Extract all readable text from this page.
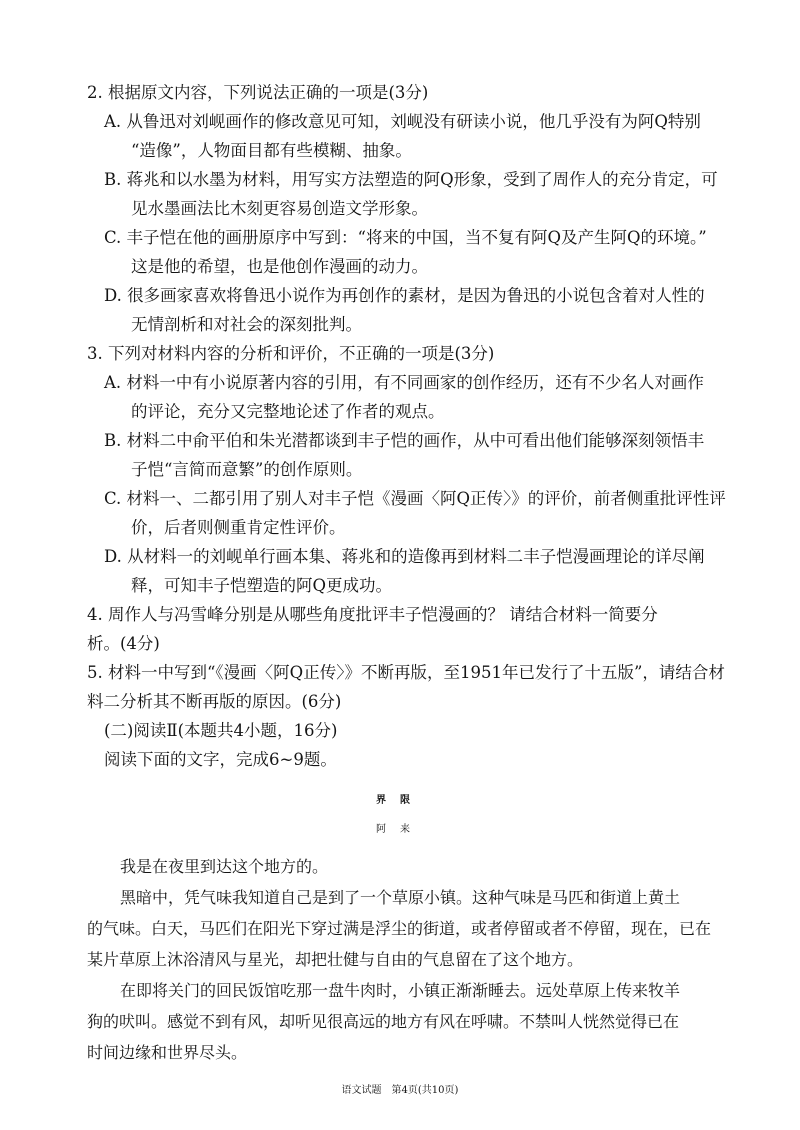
2. 根据原文内容，下列说法正确的一项是(3分)
A. 从鲁迅对刘岘画作的修改意见可知，刘岘没有研读小说，他几乎没有为阿Q特别
“造像”，人物面目都有些模糊、抽象。
B. 蒋兆和以水墨为材料，用写实方法塑造的阿Q形象，受到了周作人的充分肯定，可
见水墨画法比木刻更容易创造文学形象。
C. 丰子恺在他的画册原序中写到：“将来的中国，当不复有阿Q及产生阿Q的环境。”
这是他的希望，也是他创作漫画的动力。
D. 很多画家喜欢将鲁迅小说作为再创作的素材，是因为鲁迅的小说包含着对人性的
无情剖析和对社会的深刻批判。
3. 下列对材料内容的分析和评价，不正确的一项是(3分)
A. 材料一中有小说原著内容的引用，有不同画家的创作经历，还有不少名人对画作
的评论，充分又完整地论述了作者的观点。
B. 材料二中俞平伯和朱光潜都谈到丰子恺的画作，从中可看出他们能够深刻领悟丰
子恺“言简而意繁”的创作原则。
C. 材料一、二都引用了别人对丰子恺《漫画〈阿Q正传〉》的评价，前者侧重批评性评
价，后者则侧重肯定性评价。
D. 从材料一的刘岘单行画本集、蒋兆和的造像再到材料二丰子恺漫画理论的详尽阐
释，可知丰子恺塑造的阿Q更成功。
4. 周作人与冯雪峰分别是从哪些角度批评丰子恺漫画的？ 请结合材料一简要分
析。(4分)
5. 材料一中写到“《漫画〈阿Q正传〉》不断再版，至1951年已发行了十五版”，请结合材
料二分析其不断再版的原因。(6分)
(二)阅读Ⅱ(本题共4小题，16分)
阅读下面的文字，完成6~9题。
界限
阿来
我是在夜里到达这个地方的。
黑暗中，凭气味我知道自己是到了一个草原小镇。这种气味是马匹和街道上黄土
的气味。白天，马匹们在阳光下穿过满是浮尘的街道，或者停留或者不停留，现在，已在
某片草原上沐浴清风与星光，却把壮健与自由的气息留在了这个地方。
在即将关门的回民饭馆吃那一盘牛肉时，小镇正渐渐睡去。远处草原上传来牧羊
狗的吠叫。感觉不到有风，却听见很高远的地方有风在呼啸。不禁叫人恍然觉得已在
时间边缘和世界尽头。
语文试题　第4页(共10页)
